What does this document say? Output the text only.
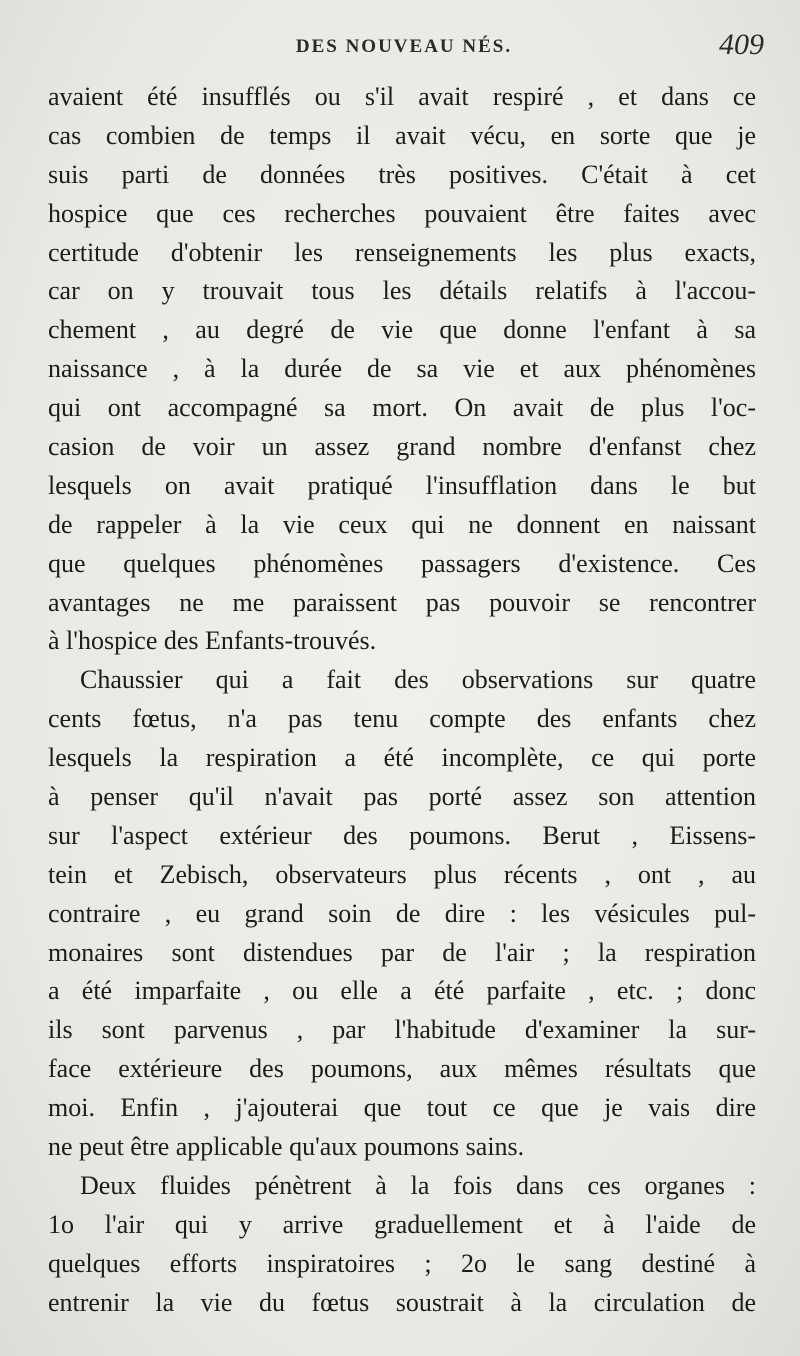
DES NOUVEAU NÉS.	409
avaient été insufflés ou s'il avait respiré , et dans ce
cas combien de temps il avait vécu, en sorte que je
suis parti de données très positives. C'était à cet
hospice que ces recherches pouvaient être faites avec
certitude d'obtenir les renseignements les plus exacts,
car on y trouvait tous les détails relatifs à l'accou-
chement , au degré de vie que donne l'enfant à sa
naissance , à la durée de sa vie et aux phénomènes
qui ont accompagné sa mort. On avait de plus l'oc-
casion de voir un assez grand nombre d'enfanst chez
lesquels on avait pratiqué l'insufflation dans le but
de rappeler à la vie ceux qui ne donnent en naissant
que quelques phénomènes passagers d'existence. Ces
avantages ne me paraissent pas pouvoir se rencontrer
à l'hospice des Enfants-trouvés.
Chaussier qui a fait des observations sur quatre
cents fœtus, n'a pas tenu compte des enfants chez
lesquels la respiration a été incomplète, ce qui porte
à penser qu'il n'avait pas porté assez son attention
sur l'aspect extérieur des poumons. Berut , Eissens-
tein et Zebisch, observateurs plus récents , ont , au
contraire , eu grand soin de dire : les vésicules pul-
monaires sont distendues par de l'air ; la respiration
a été imparfaite , ou elle a été parfaite , etc. ; donc
ils sont parvenus , par l'habitude d'examiner la sur-
face extérieure des poumons, aux mêmes résultats que
moi. Enfin , j'ajouterai que tout ce que je vais dire
ne peut être applicable qu'aux poumons sains.
Deux fluides pénètrent à la fois dans ces organes :
1o l'air qui y arrive graduellement et à l'aide de
quelques efforts inspiratoires ; 2o le sang destiné à
entrenir la vie du fœtus soustrait à la circulation de
